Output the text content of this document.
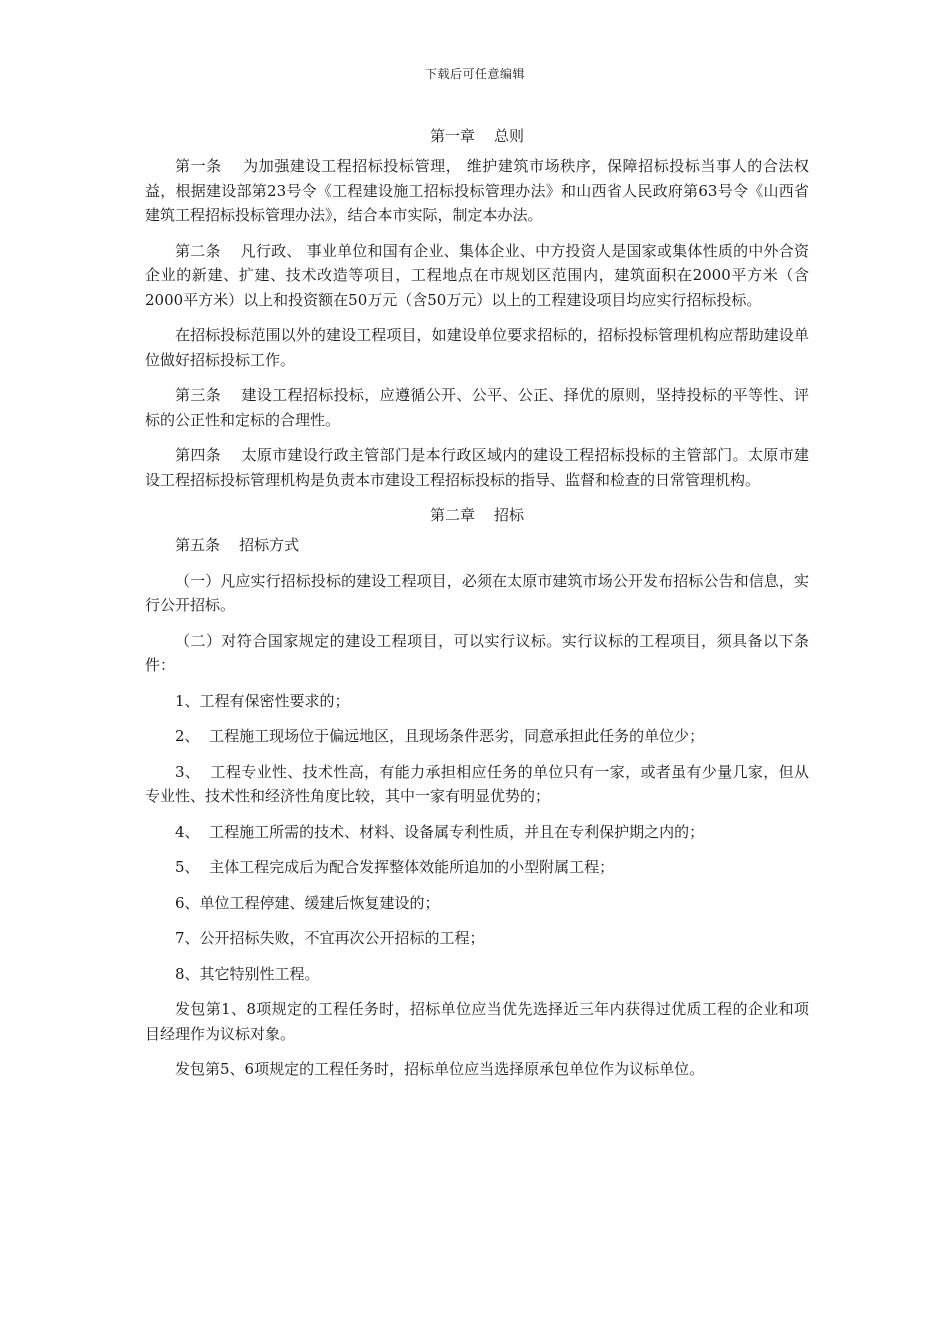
下载后可任意编辑
第一章    总则

第一条    为加强建设工程招标投标管理， 维护建筑市场秩序，保障招标投标当事人的合法权益，根据建设部第23号令《工程建设施工招标投标管理办法》和山西省人民政府第63号令《山西省建筑工程招标投标管理办法》，结合本市实际，制定本办法。

第二条    凡行政、 事业单位和国有企业、集体企业、中方投资人是国家或集体性质的中外合资企业的新建、扩建、技术改造等项目，工程地点在市规划区范围内，建筑面积在2000平方米（含2000平方米）以上和投资额在50万元（含50万元）以上的工程建设项目均应实行招标投标。

在招标投标范围以外的建设工程项目，如建设单位要求招标的，招标投标管理机构应帮助建设单位做好招标投标工作。

第三条    建设工程招标投标，应遵循公开、公平、公正、择优的原则，坚持投标的平等性、评标的公正性和定标的合理性。

第四条    太原市建设行政主管部门是本行政区域内的建设工程招标投标的主管部门。太原市建设工程招标投标管理机构是负责本市建设工程招标投标的指导、监督和检查的日常管理机构。

第二章    招标

第五条    招标方式

（一）凡应实行招标投标的建设工程项目，必须在太原市建筑市场公开发布招标公告和信息，实行公开招标。

（二）对符合国家规定的建设工程项目，可以实行议标。实行议标的工程项目，须具备以下条件：

1、工程有保密性要求的；

2、  工程施工现场位于偏远地区，且现场条件恶劣，同意承担此任务的单位少；

3、  工程专业性、技术性高，有能力承担相应任务的单位只有一家，或者虽有少量几家，但从专业性、技术性和经济性角度比较，其中一家有明显优势的；

4、  工程施工所需的技术、材料、设备属专利性质，并且在专利保护期之内的；

5、  主体工程完成后为配合发挥整体效能所追加的小型附属工程；

6、单位工程停建、缓建后恢复建设的；

7、公开招标失败，不宜再次公开招标的工程；

8、其它特别性工程。

发包第1、8项规定的工程任务时，招标单位应当优先选择近三年内获得过优质工程的企业和项目经理作为议标对象。

发包第5、6项规定的工程任务时，招标单位应当选择原承包单位作为议标单位。
